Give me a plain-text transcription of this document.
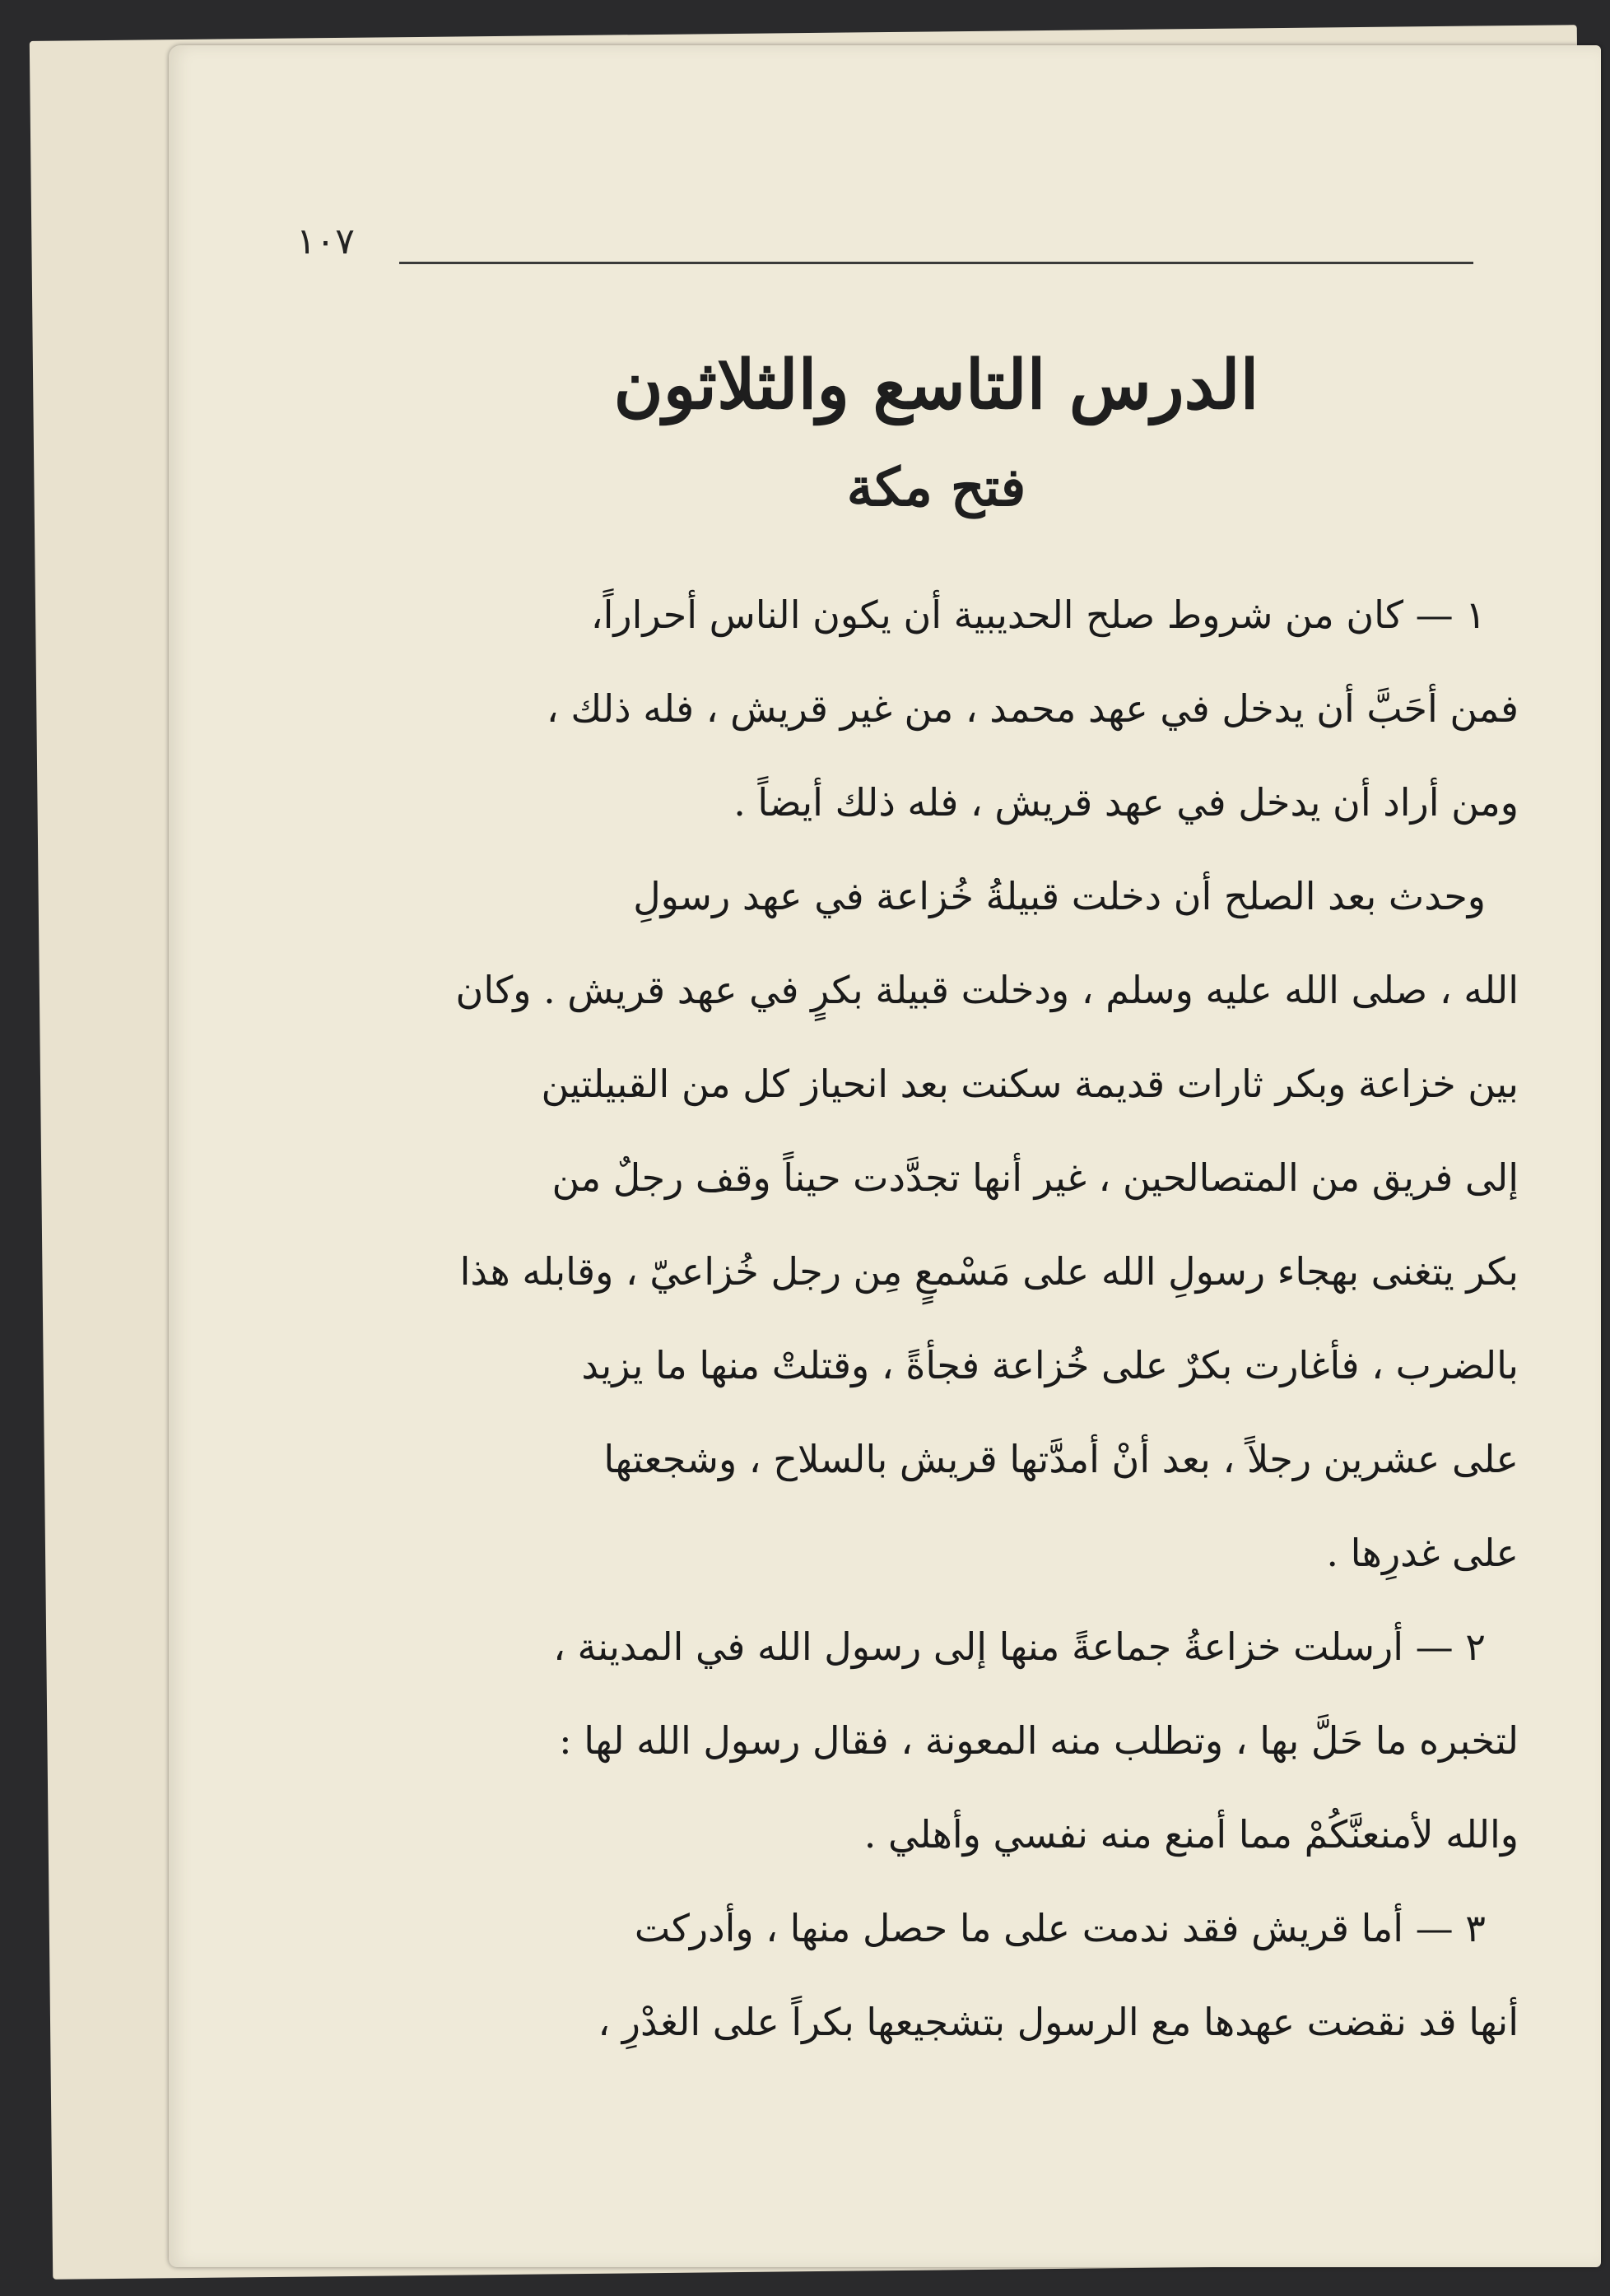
١٠٧

الدرس التاسع والثلاثون
فتح مكة
١ — كان من شروط صلح الحديبية أن يكون الناس أحراراً،
فمن أحَبَّ أن يدخل في عهد محمد ، من غير قريش ، فله ذلك ،
ومن أراد أن يدخل في عهد قريش ، فله ذلك أيضاً .
وحدث بعد الصلح أن دخلت قبيلةُ خُزاعة في عهد رسولِ
الله ، صلى الله عليه وسلم ، ودخلت قبيلة بكرٍ في عهد قريش . وكان
بين خزاعة وبكر ثارات قديمة سكنت بعد انحياز كل من القبيلتين
إلى فريق من المتصالحين ، غير أنها تجدَّدت حيناً وقف رجلٌ من
بكر يتغنى بهجاء رسولِ الله على مَسْمعٍ مِن رجل خُزاعيّ ، وقابله هذا
بالضرب ، فأغارت بكرٌ على خُزاعة فجأةً ، وقتلتْ منها ما يزيد
على عشرين رجلاً ، بعد أنْ أمدَّتها قريش بالسلاح ، وشجعتها
على غدرِها .
٢ — أرسلت خزاعةُ جماعةً منها إلى رسول الله في المدينة ،
لتخبره ما حَلَّ بها ، وتطلب منه المعونة ، فقال رسول الله لها :
والله لأمنعنَّكُمْ مما أمنع منه نفسي وأهلي .
٣ — أما قريش فقد ندمت على ما حصل منها ، وأدركت
أنها قد نقضت عهدها مع الرسول بتشجيعها بكراً على الغدْرِ ،
